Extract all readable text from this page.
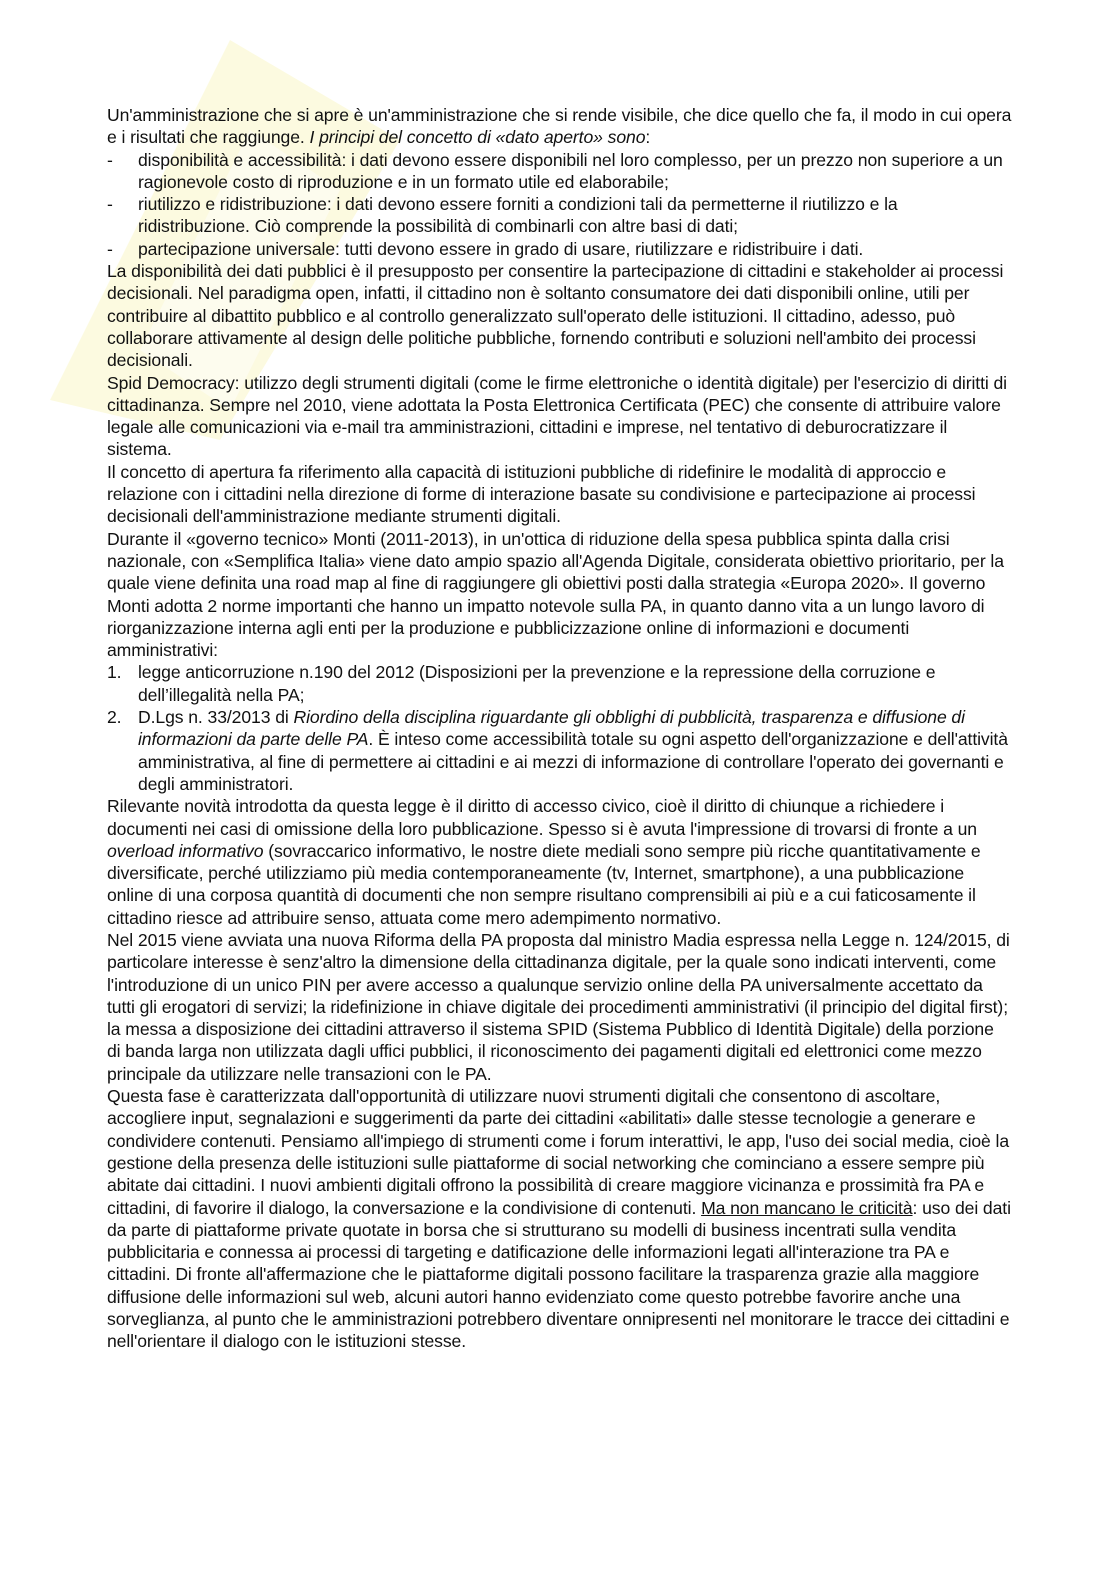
Un'amministrazione che si apre è un'amministrazione che si rende visibile, che dice quello che fa, il modo in cui opera e i risultati che raggiunge. I principi del concetto di «dato aperto» sono:

- disponibilità e accessibilità: i dati devono essere disponibili nel loro complesso, per un prezzo non superiore a un ragionevole costo di riproduzione e in un formato utile ed elaborabile;
- riutilizzo e ridistribuzione: i dati devono essere forniti a condizioni tali da permetterne il riutilizzo e la ridistribuzione. Ciò comprende la possibilità di combinarli con altre basi di dati;
- partecipazione universale: tutti devono essere in grado di usare, riutilizzare e ridistribuire i dati.

La disponibilità dei dati pubblici è il presupposto per consentire la partecipazione di cittadini e stakeholder ai processi decisionali. Nel paradigma open, infatti, il cittadino non è soltanto consumatore dei dati disponibili online, utili per contribuire al dibattito pubblico e al controllo generalizzato sull'operato delle istituzioni. Il cittadino, adesso, può collaborare attivamente al design delle politiche pubbliche, fornendo contributi e soluzioni nell'ambito dei processi decisionali.

Spid Democracy: utilizzo degli strumenti digitali (come le firme elettroniche o identità digitale) per l'esercizio di diritti di cittadinanza. Sempre nel 2010, viene adottata la Posta Elettronica Certificata (PEC) che consente di attribuire valore legale alle comunicazioni via e-mail tra amministrazioni, cittadini e imprese, nel tentativo di deburocratizzare il sistema.

Il concetto di apertura fa riferimento alla capacità di istituzioni pubbliche di ridefinire le modalità di approccio e relazione con i cittadini nella direzione di forme di interazione basate su condivisione e partecipazione ai processi decisionali dell'amministrazione mediante strumenti digitali.

Durante il «governo tecnico» Monti (2011-2013), in un'ottica di riduzione della spesa pubblica spinta dalla crisi nazionale, con «Semplifica Italia» viene dato ampio spazio all'Agenda Digitale, considerata obiettivo prioritario, per la quale viene definita una road map al fine di raggiungere gli obiettivi posti dalla strategia «Europa 2020». Il governo Monti adotta 2 norme importanti che hanno un impatto notevole sulla PA, in quanto danno vita a un lungo lavoro di riorganizzazione interna agli enti per la produzione e pubblicizzazione online di informazioni e documenti amministrativi:

1. legge anticorruzione n.190 del 2012 (Disposizioni per la prevenzione e la repressione della corruzione e dell’illegalità nella PA;
2. D.Lgs n. 33/2013 di Riordino della disciplina riguardante gli obblighi di pubblicità, trasparenza e diffusione di informazioni da parte delle PA. È inteso come accessibilità totale su ogni aspetto dell'organizzazione e dell'attività amministrativa, al fine di permettere ai cittadini e ai mezzi di informazione di controllare l'operato dei governanti e degli amministratori.

Rilevante novità introdotta da questa legge è il diritto di accesso civico, cioè il diritto di chiunque a richiedere i documenti nei casi di omissione della loro pubblicazione. Spesso si è avuta l'impressione di trovarsi di fronte a un overload informativo (sovraccarico informativo, le nostre diete mediali sono sempre più ricche quantitativamente e diversificate, perché utilizziamo più media contemporaneamente (tv, Internet, smartphone), a una pubblicazione online di una corposa quantità di documenti che non sempre risultano comprensibili ai più e a cui faticosamente il cittadino riesce ad attribuire senso, attuata come mero adempimento normativo.

Nel 2015 viene avviata una nuova Riforma della PA proposta dal ministro Madia espressa nella Legge n. 124/2015, di particolare interesse è senz'altro la dimensione della cittadinanza digitale, per la quale sono indicati interventi, come l'introduzione di un unico PIN per avere accesso a qualunque servizio online della PA universalmente accettato da tutti gli erogatori di servizi; la ridefinizione in chiave digitale dei procedimenti amministrativi (il principio del digital first); la messa a disposizione dei cittadini attraverso il sistema SPID (Sistema Pubblico di Identità Digitale) della porzione di banda larga non utilizzata dagli uffici pubblici, il riconoscimento dei pagamenti digitali ed elettronici come mezzo principale da utilizzare nelle transazioni con le PA.

Questa fase è caratterizzata dall'opportunità di utilizzare nuovi strumenti digitali che consentono di ascoltare, accogliere input, segnalazioni e suggerimenti da parte dei cittadini «abilitati» dalle stesse tecnologie a generare e condividere contenuti. Pensiamo all'impiego di strumenti come i forum interattivi, le app, l'uso dei social media, cioè la gestione della presenza delle istituzioni sulle piattaforme di social networking che cominciano a essere sempre più abitate dai cittadini. I nuovi ambienti digitali offrono la possibilità di creare maggiore vicinanza e prossimità fra PA e cittadini, di favorire il dialogo, la conversazione e la condivisione di contenuti. Ma non mancano le criticità: uso dei dati da parte di piattaforme private quotate in borsa che si strutturano su modelli di business incentrati sulla vendita pubblicitaria e connessa ai processi di targeting e datificazione delle informazioni legati all'interazione tra PA e cittadini. Di fronte all'affermazione che le piattaforme digitali possono facilitare la trasparenza grazie alla maggiore diffusione delle informazioni sul web, alcuni autori hanno evidenziato come questo potrebbe favorire anche una sorveglianza, al punto che le amministrazioni potrebbero diventare onnipresenti nel monitorare le tracce dei cittadini e nell'orientare il dialogo con le istituzioni stesse.
